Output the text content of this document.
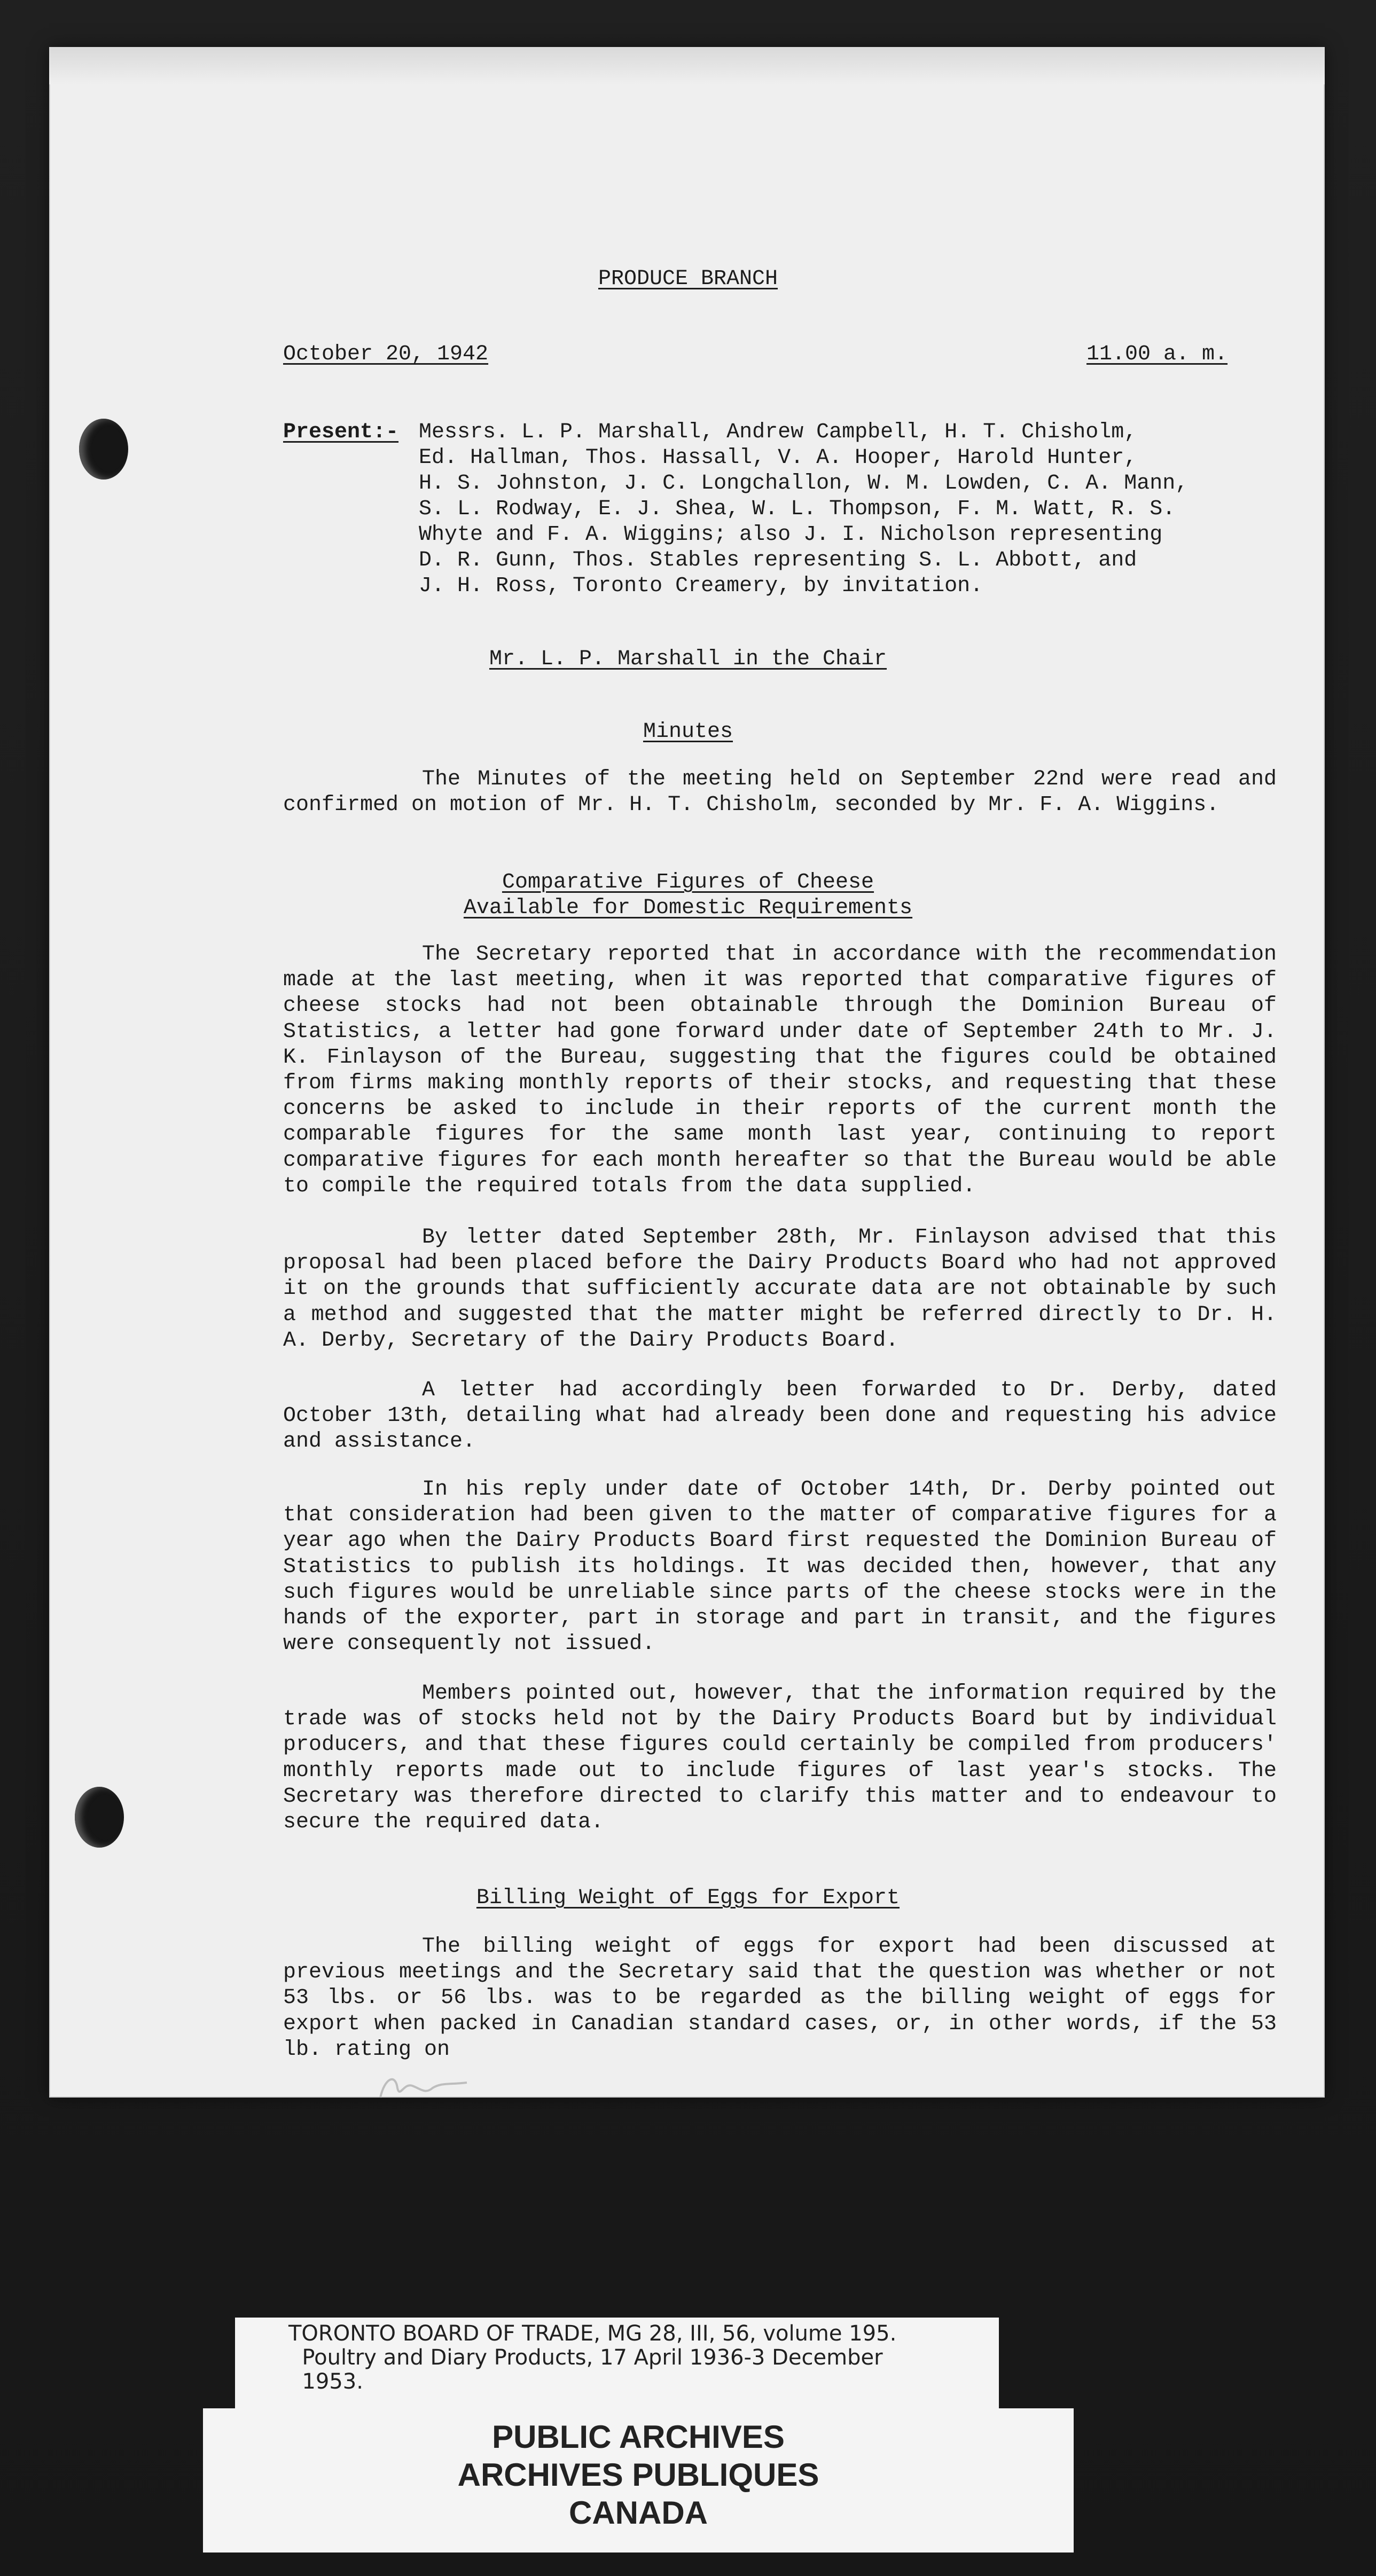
PRODUCE BRANCH
October 20, 1942	11.00 a. m.
Present:- Messrs. L. P. Marshall, Andrew Campbell, H. T. Chisholm,
Ed. Hallman, Thos. Hassall, V. A. Hooper, Harold Hunter,
H. S. Johnston, J. C. Longchallon, W. M. Lowden, C. A. Mann,
S. L. Rodway, E. J. Shea, W. L. Thompson, F. M. Watt, R. S.
Whyte and F. A. Wiggins; also J. I. Nicholson representing
D. R. Gunn, Thos. Stables representing S. L. Abbott, and
J. H. Ross, Toronto Creamery, by invitation.
Mr. L. P. Marshall in the Chair
Minutes
The Minutes of the meeting held on September 22nd were read and confirmed on motion of Mr. H. T. Chisholm, seconded by Mr. F. A. Wiggins.
Comparative Figures of Cheese
Available for Domestic Requirements
The Secretary reported that in accordance with the recommendation made at the last meeting, when it was reported that comparative figures of cheese stocks had not been obtainable through the Dominion Bureau of Statistics, a letter had gone forward under date of September 24th to Mr. J. K. Finlayson of the Bureau, suggesting that the figures could be obtained from firms making monthly reports of their stocks, and requesting that these concerns be asked to include in their reports of the current month the comparable figures for the same month last year, continuing to report comparative figures for each month hereafter so that the Bureau would be able to compile the required totals from the data supplied.
By letter dated September 28th, Mr. Finlayson advised that this proposal had been placed before the Dairy Products Board who had not approved it on the grounds that sufficiently accurate data are not obtainable by such a method and suggested that the matter might be referred directly to Dr. H. A. Derby, Secretary of the Dairy Products Board.
A letter had accordingly been forwarded to Dr. Derby, dated October 13th, detailing what had already been done and requesting his advice and assistance.
In his reply under date of October 14th, Dr. Derby pointed out that consideration had been given to the matter of comparative figures for a year ago when the Dairy Products Board first requested the Dominion Bureau of Statistics to publish its holdings. It was decided then, however, that any such figures would be unreliable since parts of the cheese stocks were in the hands of the exporter, part in storage and part in transit, and the figures were consequently not issued.
Members pointed out, however, that the information required by the trade was of stocks held not by the Dairy Products Board but by individual producers, and that these figures could certainly be compiled from producers' monthly reports made out to include figures of last year's stocks. The Secretary was therefore directed to clarify this matter and to endeavour to secure the required data.
Billing Weight of Eggs for Export
The billing weight of eggs for export had been discussed at previous meetings and the Secretary said that the question was whether or not 53 lbs. or 56 lbs. was to be regarded as the billing weight of eggs for export when packed in Canadian standard cases, or, in other words, if the 53 lb. rating on
TORONTO BOARD OF TRADE, MG 28, III, 56, volume 195.
Poultry and Diary Products, 17 April 1936-3 December
1953.
PUBLIC ARCHIVES
ARCHIVES PUBLIQUES
CANADA
